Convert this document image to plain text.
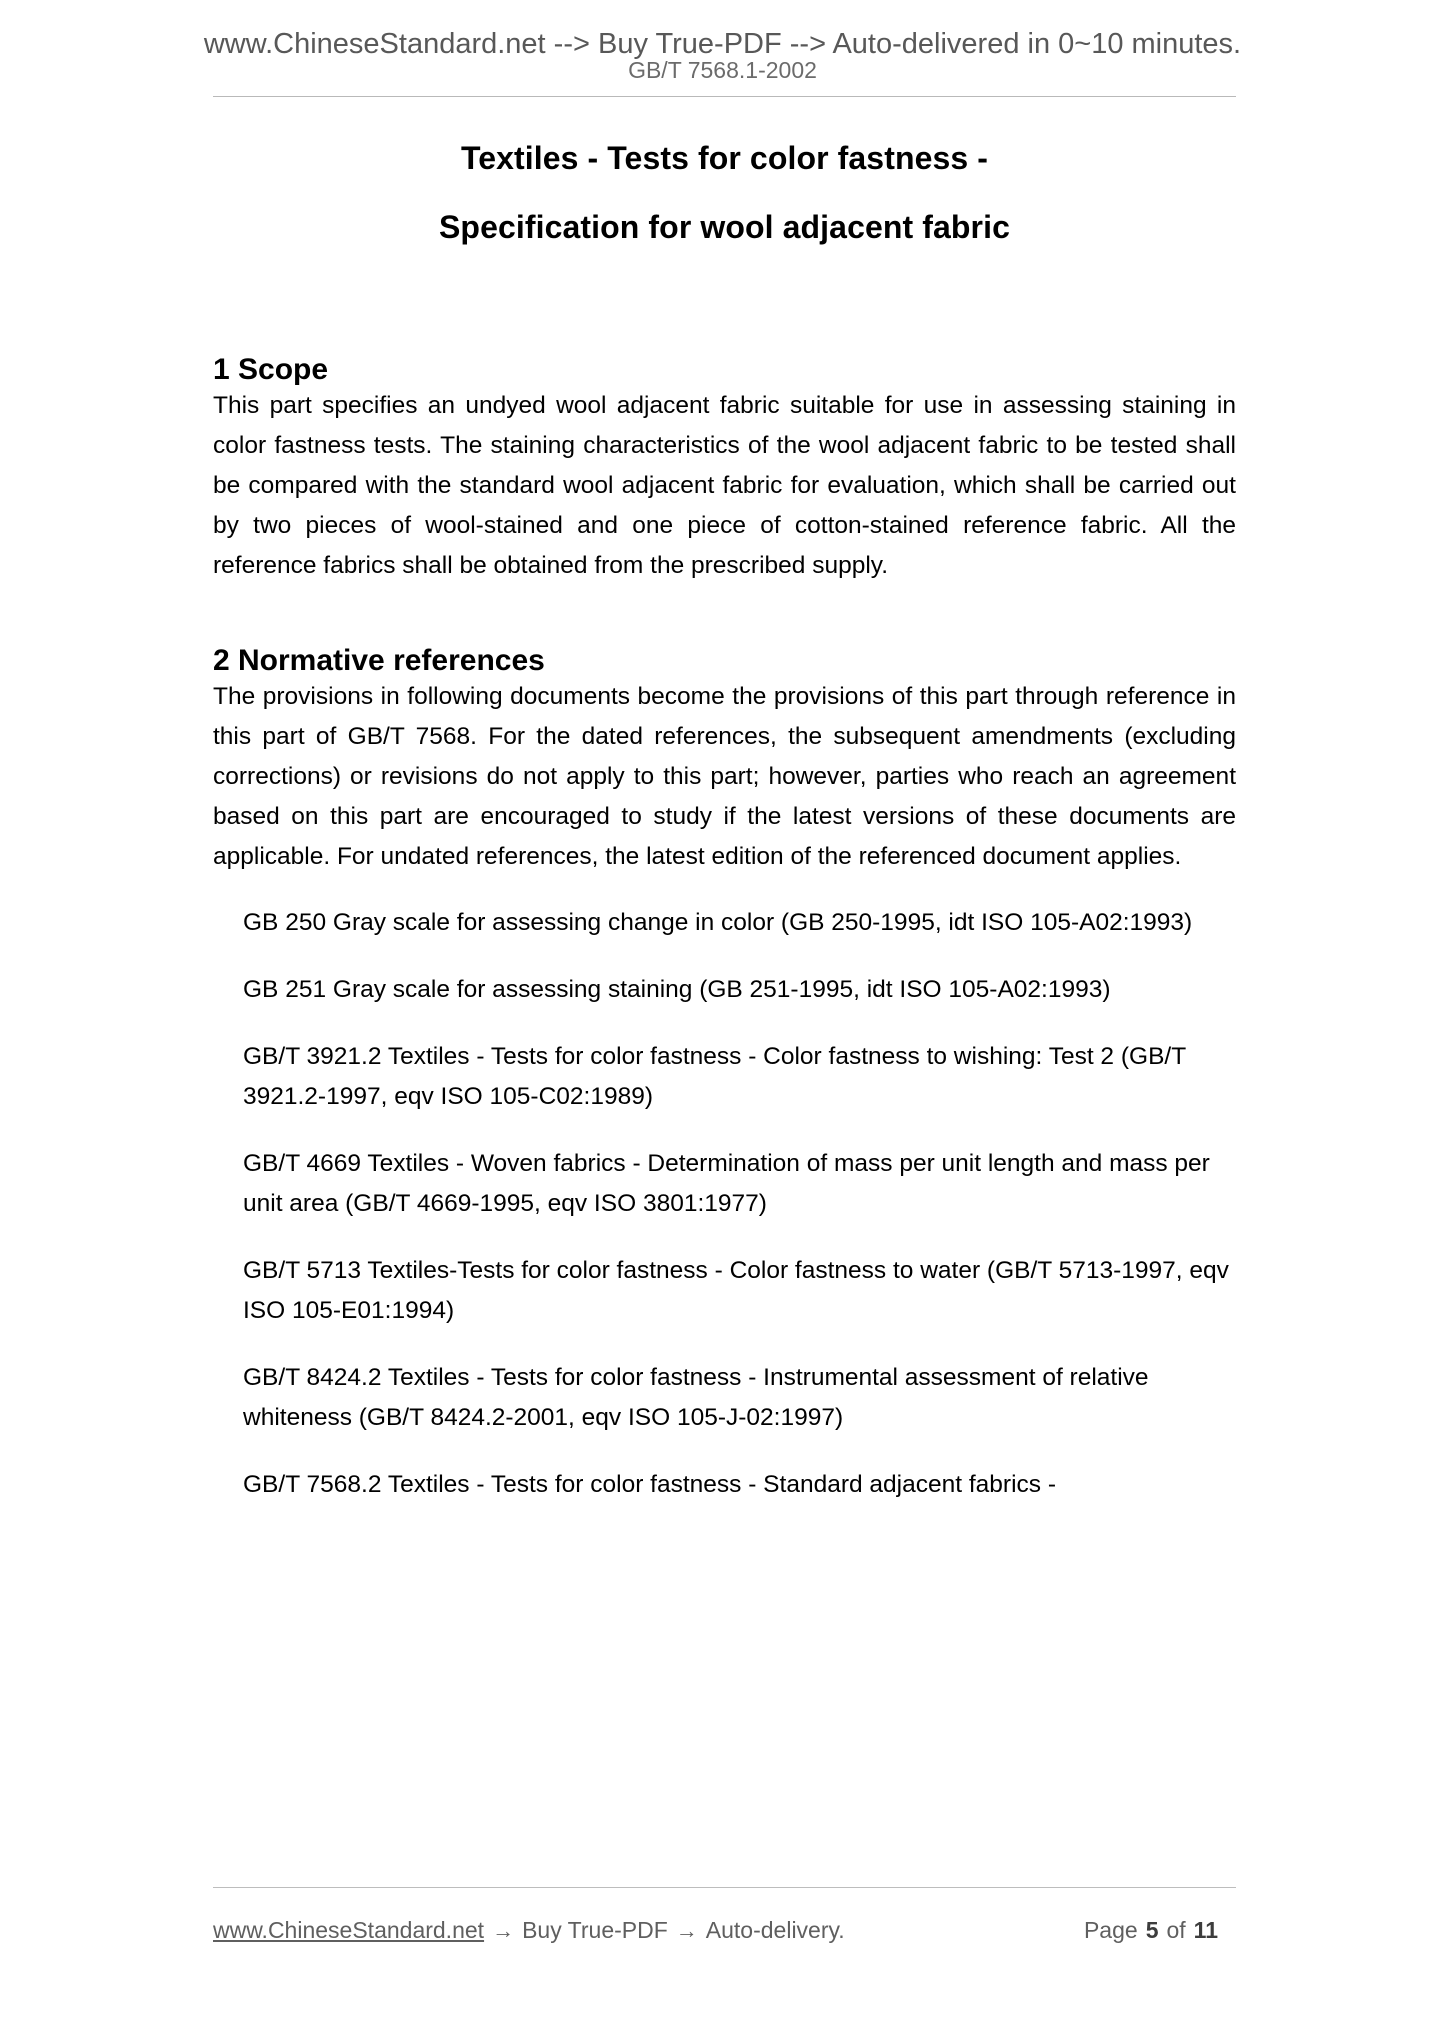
www.ChineseStandard.net --> Buy True-PDF --> Auto-delivered in 0~10 minutes.
GB/T 7568.1-2002
Textiles - Tests for color fastness -
Specification for wool adjacent fabric
1 Scope

This part specifies an undyed wool adjacent fabric suitable for use in assessing staining in color fastness tests. The staining characteristics of the wool adjacent fabric to be tested shall be compared with the standard wool adjacent fabric for evaluation, which shall be carried out by two pieces of wool-stained and one piece of cotton-stained reference fabric. All the reference fabrics shall be obtained from the prescribed supply.

2 Normative references

The provisions in following documents become the provisions of this part through reference in this part of GB/T 7568. For the dated references, the subsequent amendments (excluding corrections) or revisions do not apply to this part; however, parties who reach an agreement based on this part are encouraged to study if the latest versions of these documents are applicable. For undated references, the latest edition of the referenced document applies.

GB 250 Gray scale for assessing change in color (GB 250-1995, idt ISO 105-A02:1993)

GB 251 Gray scale for assessing staining (GB 251-1995, idt ISO 105-A02:1993)

GB/T 3921.2 Textiles - Tests for color fastness - Color fastness to wishing: Test 2 (GB/T 3921.2-1997, eqv ISO 105-C02:1989)

GB/T 4669 Textiles - Woven fabrics - Determination of mass per unit length and mass per unit area (GB/T 4669-1995, eqv ISO 3801:1977)

GB/T 5713 Textiles-Tests for color fastness - Color fastness to water (GB/T 5713-1997, eqv ISO 105-E01:1994)

GB/T 8424.2 Textiles - Tests for color fastness - Instrumental assessment of relative whiteness (GB/T 8424.2-2001, eqv ISO 105-J-02:1997)

GB/T 7568.2 Textiles - Tests for color fastness - Standard adjacent fabrics -

www.ChineseStandard.net → Buy True-PDF → Auto-delivery.	Page 5 of 11
